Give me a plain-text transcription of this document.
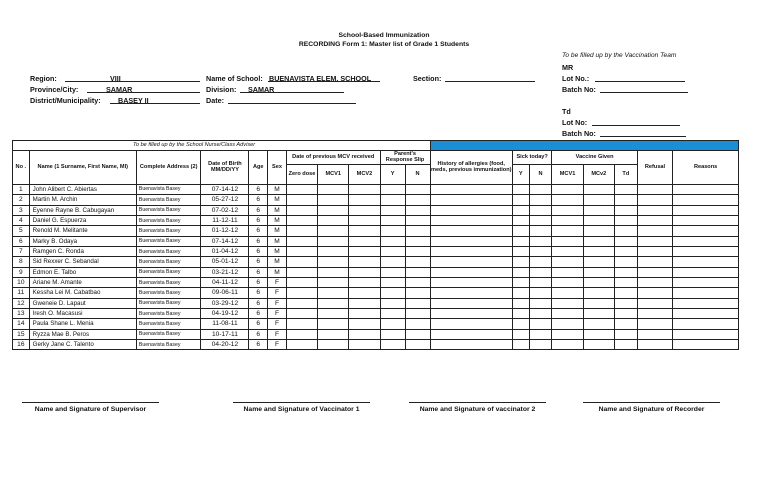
School-Based Immunization
RECORDING Form 1: Master list of Grade 1 Students
To be filled up by the Vaccination Team
MR
Lot No.:
Batch No:
Td
Lot No:
Batch No:
Region:	VIII
Province/City:	SAMAR
District/Municipality: BASEY II
Name of School: BUENAVISTA ELEM. SCHOOL
Division: SAMAR
Date:
Section:
To be filled up by the School Nurse/Class Adviser																		
No .	Name (1 Surname, First Name, MI)	Complete Address (2)	Date of Birth MM/DD/YY	Age	Sex	Date of previous MCV received			Parent's Response Slip		History of allergies (food, meds, previous immunization)	Sick today?		Vaccine Given			Refusal	Reasons
						Zero dose	MCV1	MCV2	Y	N		Y	N	MCV1	MCv2	Td		
1	John Alibert C. Abiertas	Buenavista Basey	07-14-12	6	M													
2	Martin M. Archin	Buenavista Basey	05-27-12	6	M													
3	Eyenne Rayne B. Cabugayan	Buenavista Basey	07-02-12	6	M													
4	Daniel G. Espuerza	Buenavista Basey	11-12-11	6	M													
5	Renold M. Melitante	Buenavista Basey	01-12-12	6	M													
6	Marky B. Odaya	Buenavista Basey	07-14-12	6	M													
7	Ramgen C. Ronda	Buenavista Basey	01-04-12	6	M													
8	Sid Rexxer C. Sebandal	Buenavista Basey	05-01-12	6	M													
9	Edmon E. Talbo	Buenavista Basey	03-21-12	6	M													
10	Ariane M. Amante	Buenavista Basey	04-11-12	6	F													
11	Kessha Lei M. Cabatbao	Buenavista Basey	09-06-11	6	F													
12	Gweneie D. Lapaut	Buenavista Basey	03-29-12	6	F													
13	Iresh O. Macasusi	Buenavista Basey	04-19-12	6	F													
14	Paula Shane L. Menia	Buenavista Basey	11-08-11	6	F													
15	Ryzza Mae B. Peros	Buenavista Basey	10-17-11	6	F													
16	Gerky Jane C. Talento	Buenavista Basey	04-20-12	6	F													
Name and Signature of Supervisor	Name and Signature of Vaccinator 1	Name and Signature of vaccinator 2	Name and Signature of Recorder
